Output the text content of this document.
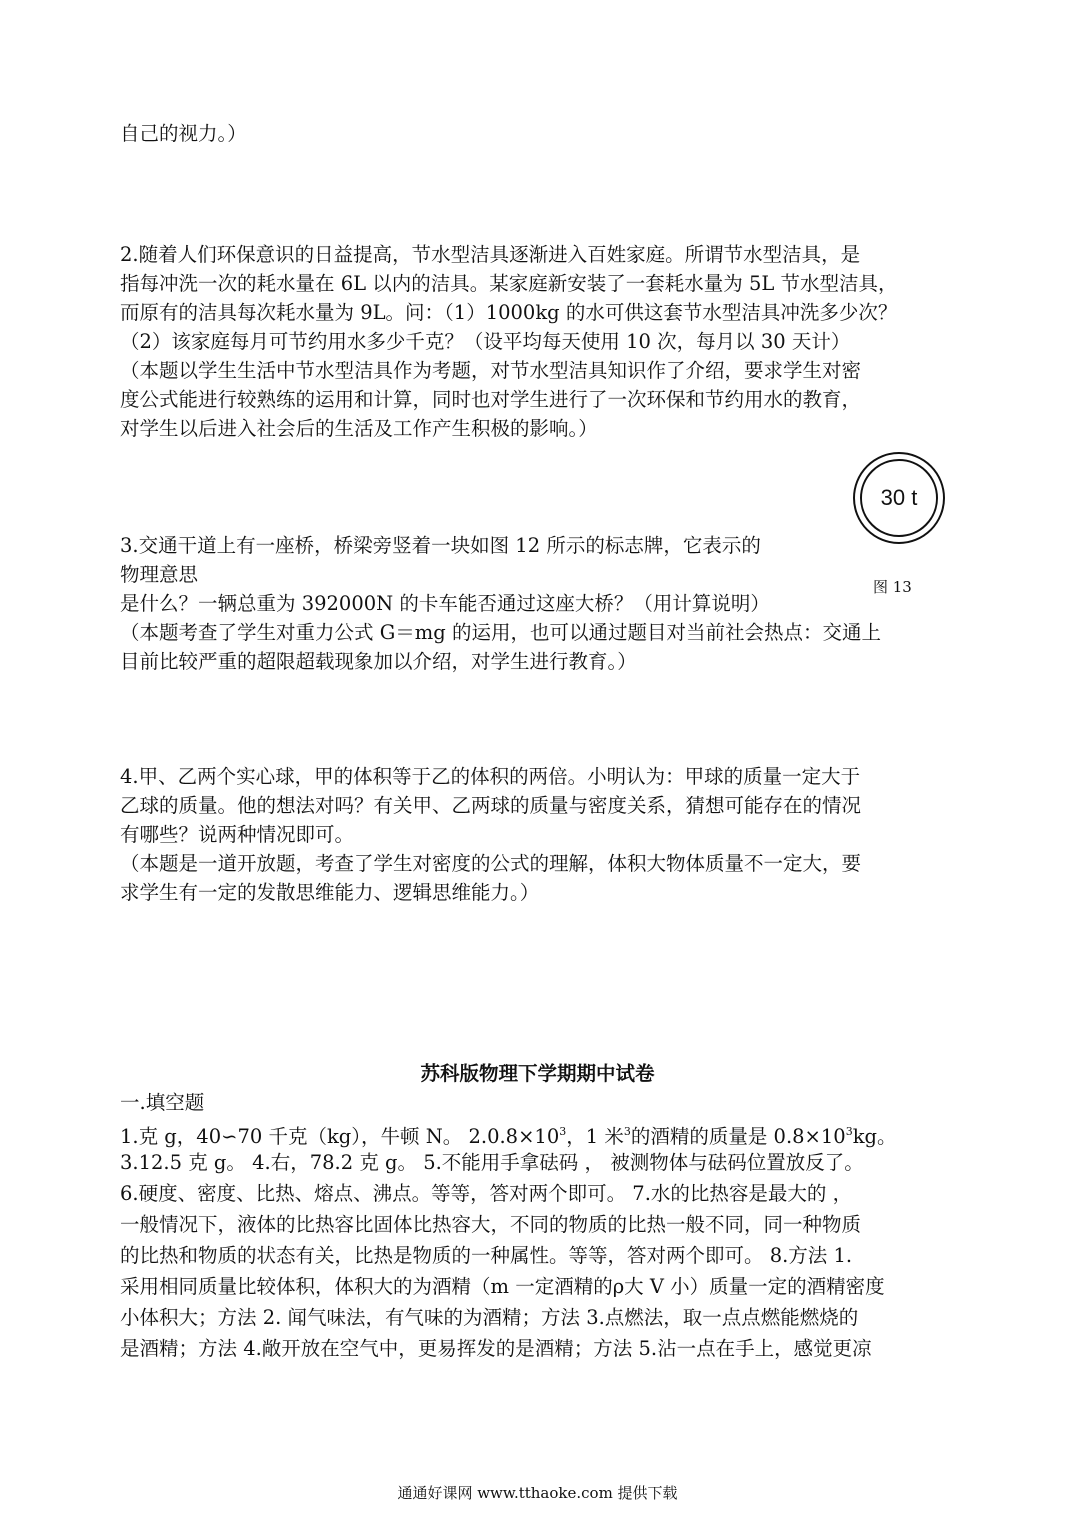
自己的视力。）
2.随着人们环保意识的日益提高，节水型洁具逐渐进入百姓家庭。所谓节水型洁具，是
指每冲洗一次的耗水量在 6L 以内的洁具。某家庭新安装了一套耗水量为 5L 节水型洁具，
而原有的洁具每次耗水量为 9L。问：（1）1000kg 的水可供这套节水型洁具冲洗多少次？
（2）该家庭每月可节约用水多少千克？（设平均每天使用 10 次，每月以 30 天计）
（本题以学生生活中节水型洁具作为考题，对节水型洁具知识作了介绍，要求学生对密
度公式能进行较熟练的运用和计算，同时也对学生进行了一次环保和节约用水的教育，
对学生以后进入社会后的生活及工作产生积极的影响。）
30 t
图 13
3.交通干道上有一座桥，桥梁旁竖着一块如图 12 所示的标志牌，它表示的
物理意思
是什么？一辆总重为 392000N 的卡车能否通过这座大桥？（用计算说明）
（本题考查了学生对重力公式 G＝mg 的运用，也可以通过题目对当前社会热点：交通上
目前比较严重的超限超载现象加以介绍，对学生进行教育。）
4.甲、乙两个实心球，甲的体积等于乙的体积的两倍。小明认为：甲球的质量一定大于
乙球的质量。他的想法对吗？有关甲、乙两球的质量与密度关系，猜想可能存在的情况
有哪些？说两种情况即可。
（本题是一道开放题，考查了学生对密度的公式的理解，体积大物体质量不一定大，要
求学生有一定的发散思维能力、逻辑思维能力。）
苏科版物理下学期期中试卷
一.填空题
1.克 g，40∽70 千克（kg），牛顿 N。 $2.0.8\times 10^3$，1 米$^3$的酒精的质量是 $0.8\times 10^3kg$。
3.12.5 克 g。 4.右，78.2 克 g。 5.不能用手拿砝码 ， 被测物体与砝码位置放反了。
6.硬度、密度、比热、熔点、沸点。等等，答对两个即可。 7.水的比热容是最大的 ，
一般情况下，液体的比热容比固体比热容大，不同的物质的比热一般不同，同一种物质
的比热和物质的状态有关，比热是物质的一种属性。等等，答对两个即可。 8.方法 1.
采用相同质量比较体积，体积大的为酒精（m 一定酒精的ρ大 V 小）质量一定的酒精密度
小体积大；方法 2. 闻气味法，有气味的为酒精；方法 3.点燃法，取一点点燃能燃烧的
是酒精；方法 4.敞开放在空气中，更易挥发的是酒精；方法 5.沾一点在手上，感觉更凉
通通好课网 www.tthaoke.com 提供下载
